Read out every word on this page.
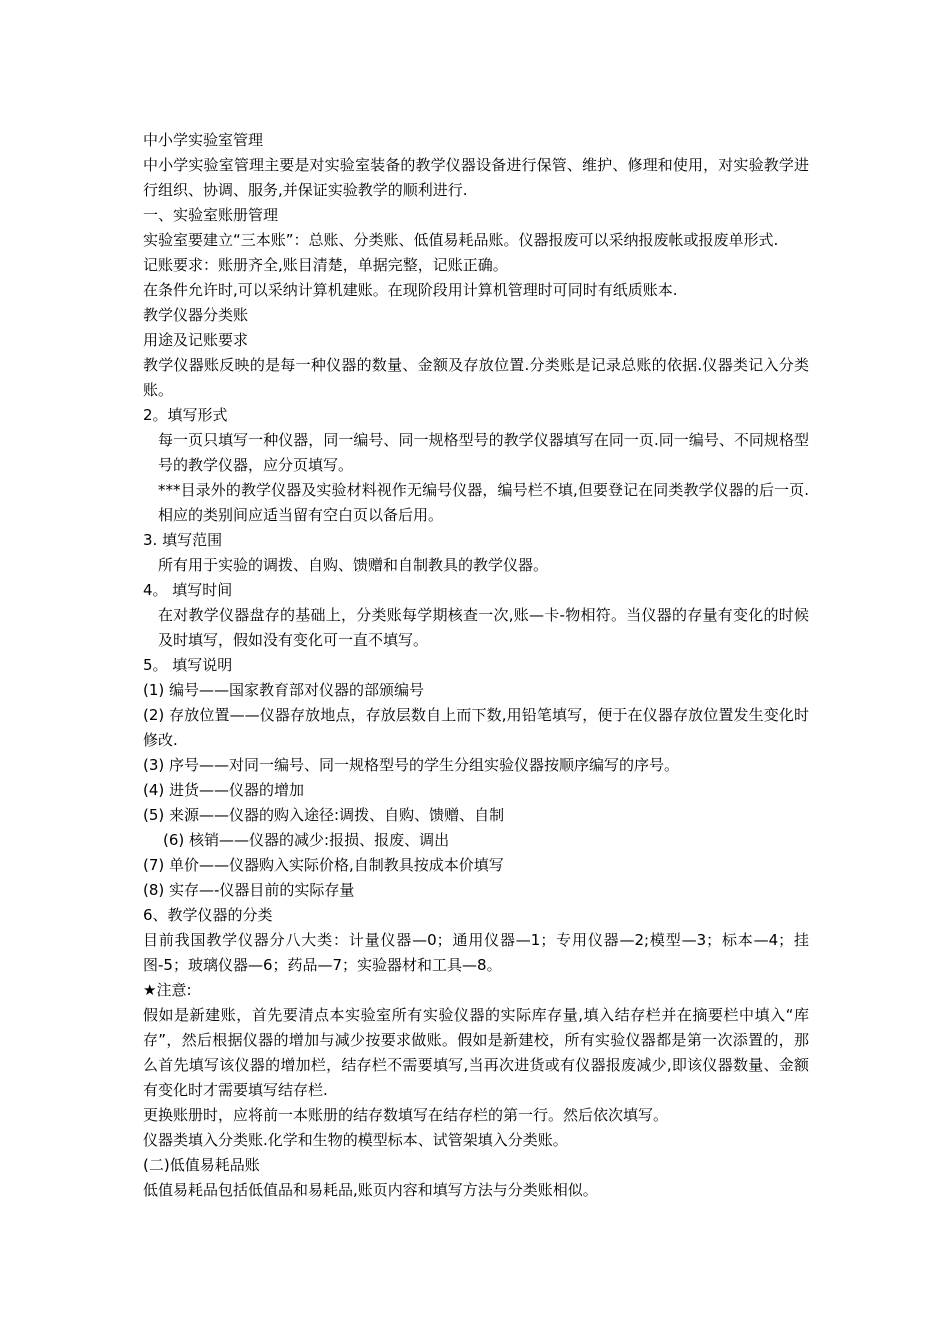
中小学实验室管理
中小学实验室管理主要是对实验室装备的教学仪器设备进行保管、维护、修理和使用，对实验教学进行组织、协调、服务,并保证实验教学的顺利进行.
一、实验室账册管理
实验室要建立“三本账”：总账、分类账、低值易耗品账。仪器报废可以采纳报废帐或报废单形式.
记账要求：账册齐全,账目清楚，单据完整，记账正确。
在条件允许时,可以采纳计算机建账。在现阶段用计算机管理时可同时有纸质账本.
教学仪器分类账
用途及记账要求
教学仪器账反映的是每一种仪器的数量、金额及存放位置.分类账是记录总账的依据.仪器类记入分类账。
2。填写形式
每一页只填写一种仪器，同一编号、同一规格型号的教学仪器填写在同一页.同一编号、不同规格型号的教学仪器，应分页填写。
***目录外的教学仪器及实验材料视作无编号仪器，编号栏不填,但要登记在同类教学仪器的后一页.相应的类别间应适当留有空白页以备后用。
3. 填写范围
所有用于实验的调拨、自购、馈赠和自制教具的教学仪器。
4。 填写时间
在对教学仪器盘存的基础上，分类账每学期核查一次,账—卡-物相符。当仪器的存量有变化的时候及时填写，假如没有变化可一直不填写。
5。 填写说明
(1) 编号——国家教育部对仪器的部颁编号
(2) 存放位置——仪器存放地点，存放层数自上而下数,用铅笔填写，便于在仪器存放位置发生变化时修改.
(3) 序号——对同一编号、同一规格型号的学生分组实验仪器按顺序编写的序号。
(4) 进货——仪器的增加
(5) 来源——仪器的购入途径:调拨、自购、馈赠、自制
(6) 核销——仪器的减少:报损、报废、调出
(7) 单价——仪器购入实际价格,自制教具按成本价填写
(8) 实存—-仪器目前的实际存量
6、教学仪器的分类
目前我国教学仪器分八大类：计量仪器—0；通用仪器—1；专用仪器—2;模型—3；标本—4；挂图-5；玻璃仪器—6；药品—7；实验器材和工具—8。
★注意:
假如是新建账，首先要清点本实验室所有实验仪器的实际库存量,填入结存栏并在摘要栏中填入“库存”，然后根据仪器的增加与减少按要求做账。假如是新建校，所有实验仪器都是第一次添置的，那么首先填写该仪器的增加栏，结存栏不需要填写,当再次进货或有仪器报废减少,即该仪器数量、金额有变化时才需要填写结存栏.
更换账册时，应将前一本账册的结存数填写在结存栏的第一行。然后依次填写。
仪器类填入分类账.化学和生物的模型标本、试管架填入分类账。
(二)低值易耗品账
低值易耗品包括低值品和易耗品,账页内容和填写方法与分类账相似。
